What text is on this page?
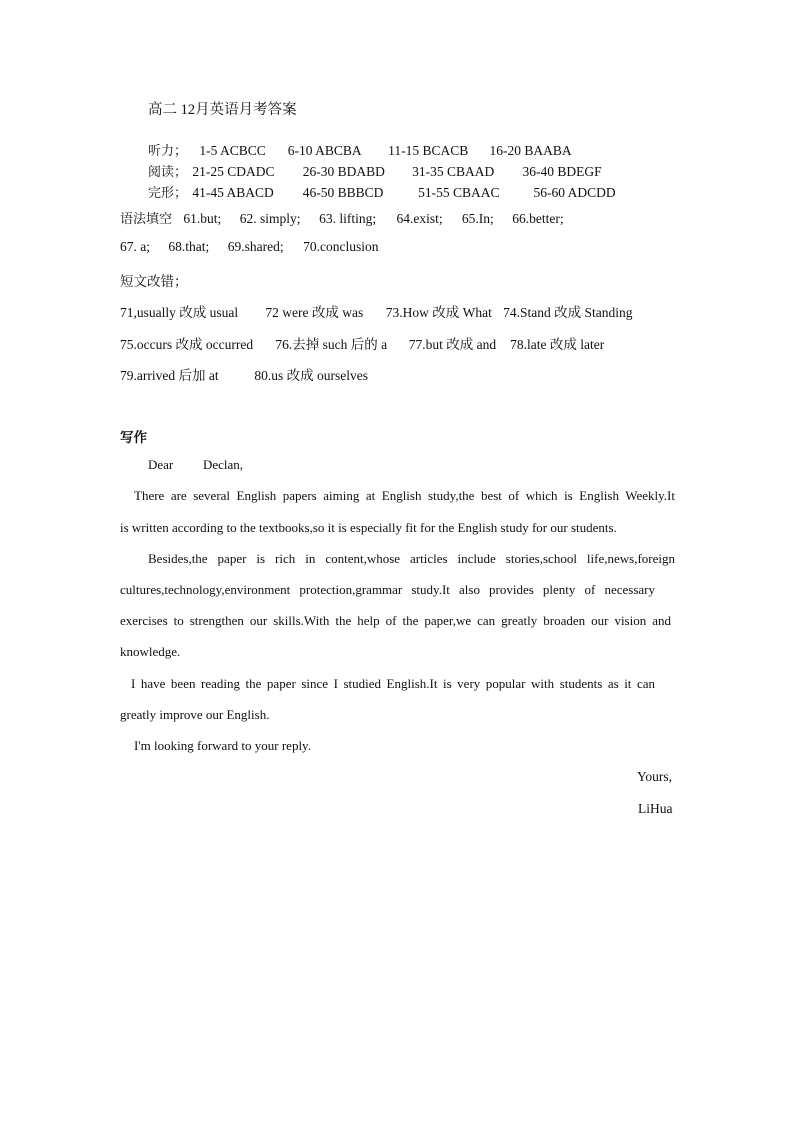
高二 12月英语月考答案
听力； 1-5 ACBCC 6-10 ABCBA 11-15 BCACB 16-20 BAABA
阅读； 21-25 CDADC 26-30 BDABD 31-35 CBAAD 36-40 BDEGF
完形； 41-45 ABACD 46-50 BBBCD	51-55 CBAAC	56-60 ADCDD
语法填空 61.but; 62. simply; 63. lifting; 64.exist; 65.In; 66.better;
67. a; 68.that; 69.shared; 70.conclusion
短文改错；
71,usually 改成 usual 72 were 改成 was 73.How 改成 What 74.Stand 改成 Standing
75.occurs 改成 occurred 76.去掉 such 后的 a 77.but 改成 and 78.late 改成 later
79.arrived 后加 at	80.us 改成 ourselves
写作
Dear Declan,
There are several English papers aiming at English study,the best of which is English Weekly.It
is written according to the textbooks,so it is especially fit for the English study for our students.
Besides,the paper is rich in content,whose articles include stories,school life,news,foreign
cultures,technology,environment protection,grammar study.It also provides plenty of necessary
exercises to strengthen our skills.With the help of the paper,we can greatly broaden our vision and
knowledge.
I have been reading the paper since I studied English.It is very popular with students as it can
greatly improve our English.
I'm looking forward to your reply.
Yours,
LiHua
